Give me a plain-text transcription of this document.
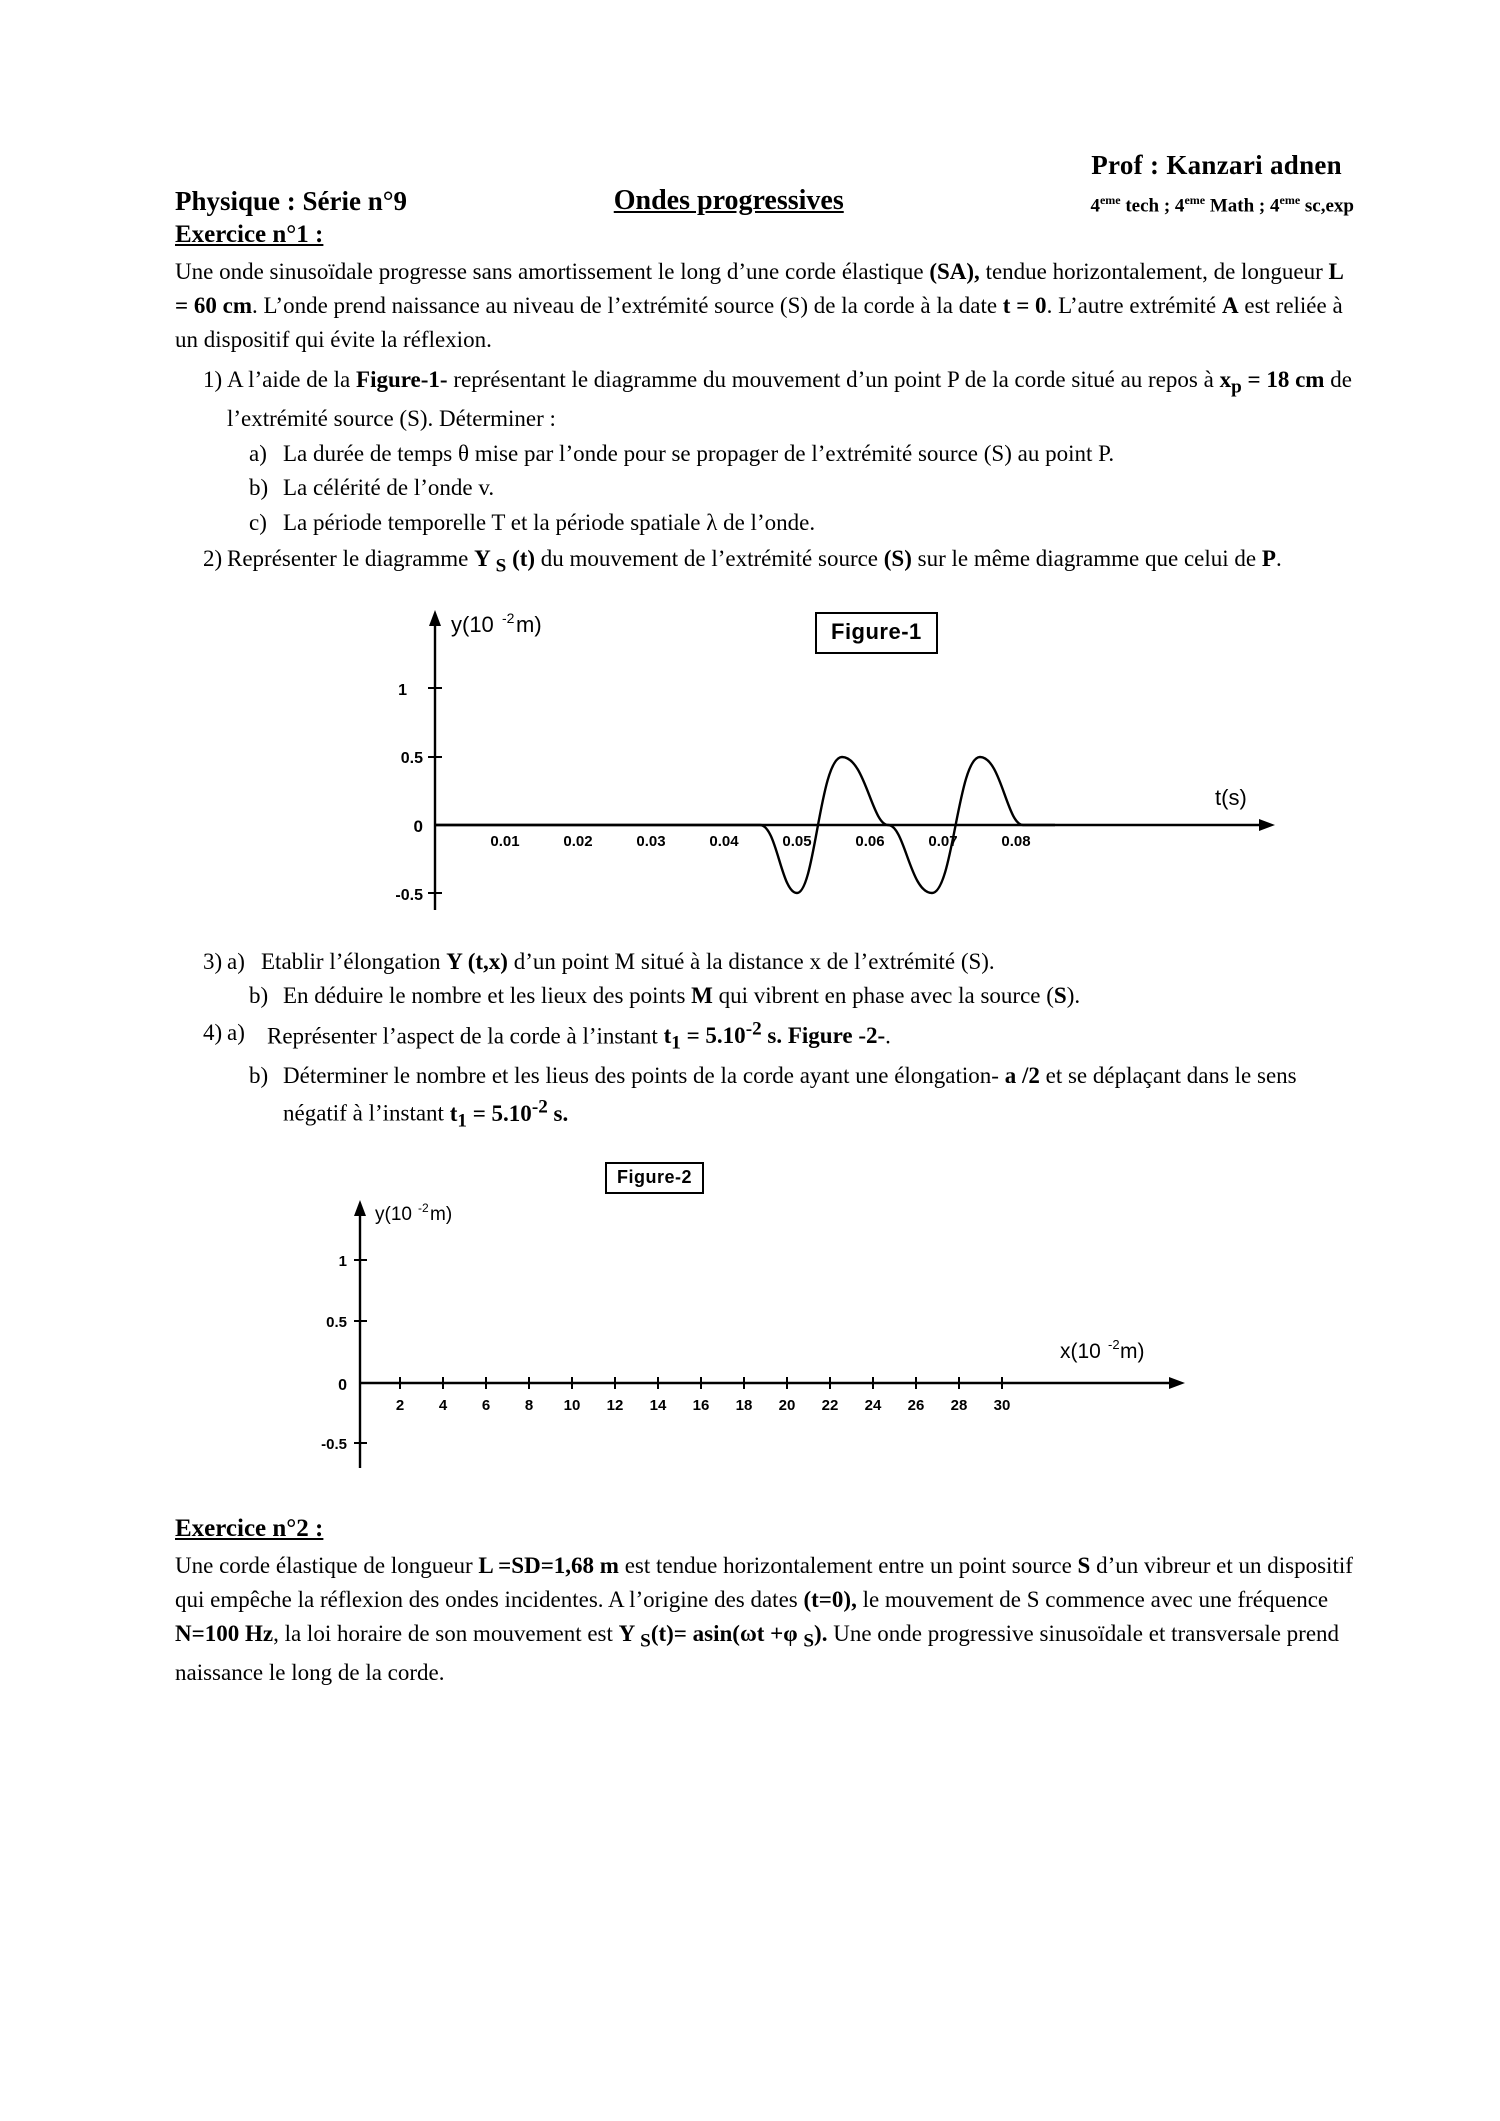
Prof : Kanzari adnen
Physique : Série n°9	Ondes progressives	4eme tech ; 4eme Math ; 4eme sc,exp
Exercice n°1 :

Une onde sinusoïdale progresse sans amortissement le long d’une corde élastique (SA), tendue horizontalement, de longueur L = 60 cm. L’onde prend naissance au niveau de l’extrémité source (S) de la corde à la date t = 0. L’autre extrémité A est reliée à un dispositif qui évite la réflexion.

1) A l’aide de la Figure-1- représentant le diagramme du mouvement d’un point P de la corde situé au repos à $x_p = 18$ cm de l’extrémité source (S). Déterminer :
a) La durée de temps θ mise par l’onde pour se propager de l’extrémité source (S) au point P.
b) La célérité de l’onde v.
c) La période temporelle T et la période spatiale λ de l’onde.
2) Représenter le diagramme Y $_S$ (t) du mouvement de l’extrémité source (S) sur le même diagramme que celui de P.
Figure-1
y(10 -2 m)
t(s)
1
0.5
0
-0.5
0.01	0.02	0.03	0.04	0.05	0.06	0.07	0.08
3) a) Etablir l’élongation Y (t,x) d’un point M situé à la distance x de l’extrémité (S).
b) En déduire le nombre et les lieux des points M qui vibrent en phase avec la source (S).
4) a) Représenter l’aspect de la corde à l’instant $t_1 = 5.10^{-2}$ s. Figure -2-.
b) Déterminer le nombre et les lieus des points de la corde ayant une élongation- a /2 et se déplaçant dans le sens négatif à l’instant $t_1 = 5.10^{-2}$ s.
Figure-2
y(10 -2 m)
x(10 -2 m)
1
0.5
0
-0.5
2 4 6 8 10 12 14 16 18 20 22 24 26 28 30
Exercice n°2 :

Une corde élastique de longueur L =SD=1,68 m est tendue horizontalement entre un point source S d’un vibreur et un dispositif qui empêche la réflexion des ondes incidentes. A l’origine des dates (t=0), le mouvement de S commence avec une fréquence N=100 Hz, la loi horaire de son mouvement est Y $_S$(t)= asin(ωt +φ $_S$). Une onde progressive sinusoïdale et transversale prend naissance le long de la corde.
